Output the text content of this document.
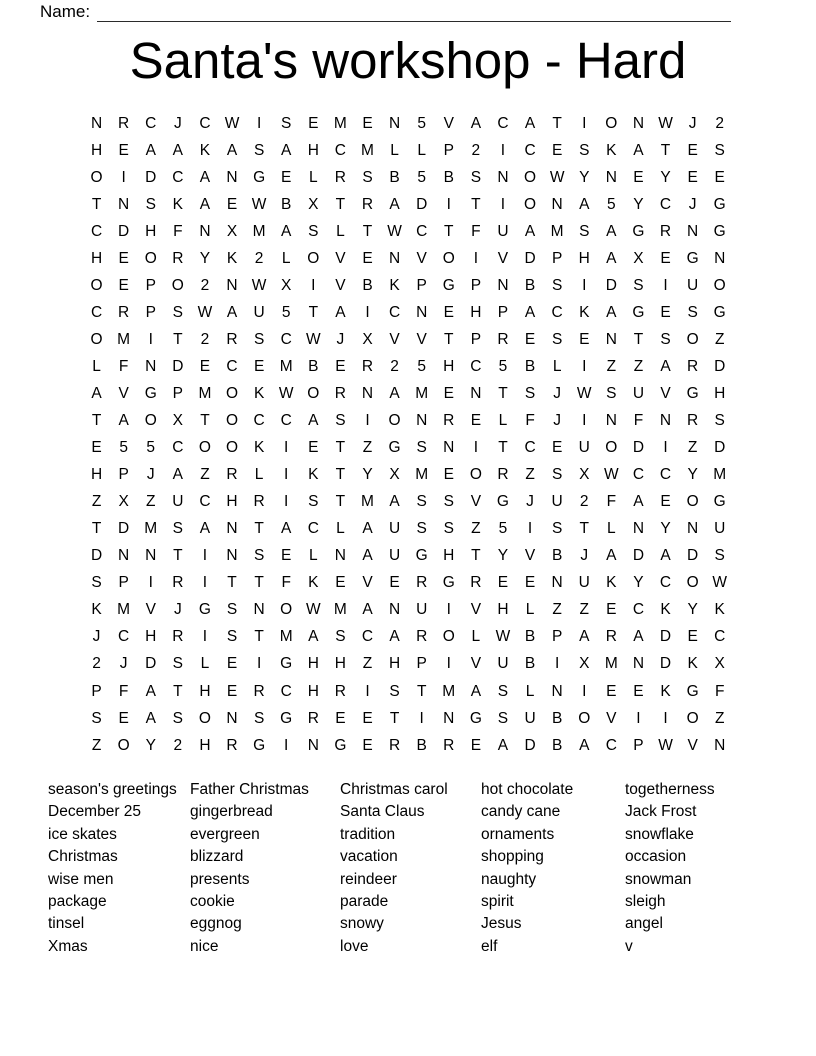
Name:
Santa's workshop - Hard
N	R	C	J	C W	I	S	E M E	N	5	V	A	C	A	T	I	O N W	J	2
H	E	A	A	K	A	S	A	H	C M	L	L	P	2	I	C	E	S	K	A	T	E	S
O	I	D	C	A	N G	E	L	R	S	B	5	B	S	N O W Y	N	E	Y	E	E
T	N	S	K	A	E W B	X	T	R	A	D	I	T	I	O N	A	5	Y	C	J	G
C	D	H	F	N	X M A	S	L	T W C	T	F	U	A M S	A	G R	N G
H	E	O R	Y	K	2	L	O	V	E	N	V	O	I	V	D	P	H	A	X	E	G N
O	E	P	O	2	N W X	I	V	B	K	P	G	P	N	B	S	I	D	S	I	U O
C	R	P	S W A	U	5	T	A	I	C	N	E	H	P	A	C	K	A	G	E	S	G
O M	I	T	2	R	S	C W	J	X	V	V	T	P	R	E	S	E	N	T	S	O	Z
L	F	N	D	E	C	E M B	E	R	2	5	H	C	5	B	L	I	Z	Z	A	R	D
A	V	G	P M O	K W O R	N	A M E	N	T	S	J	W S	U	V	G H
T	A	O	X	T	O C	C	A	S	I	O N	R	E	L	F	J	I	N	F	N	R	S
E	5	5	C O O	K	I	E	T	Z	G	S	N	I	T	C	E	U O D	I	Z	D
H	P	J	A	Z	R	L	I	K	T	Y	X M E	O R	Z	S	X W C	C	Y M
Z	X	Z	U	C	H	R	I	S	T	M A	S	S	V	G	J	U	2	F	A	E	O G
T	D M S	A	N	T	A	C	L	A	U	S	S	Z	5	I	S	T	L	N	Y	N	U
D	N	N	T	I	N	S	E	L	N	A	U G H	T	Y	V	B	J	A	D	A	D	S
S	P	I	R	I	T	T	F	K	E	V	E	R G R	E	E	N	U	K	Y	C O W
K M V	J	G	S	N O W M A	N	U	I	V	H	L	Z	Z	E	C	K	Y	K
J	C	H	R	I	S	T	M A	S	C	A	R O	L W B	P	A	R	A	D	E	C
2	J	D	S	L	E	I	G H	H	Z	H	P	I	V	U	B	I	X M N	D	K	X
P	F	A	T	H	E	R	C	H	R	I	S	T	M A	S	L	N	I	E	E	K	G	F
S	E	A	S	O N	S	G R	E	E	T	I	N G	S	U	B	O	V	I	I	O	Z
Z	O	Y	2	H	R G	I	N G	E	R	B	R	E	A	D	B	A	C	P W V	N
season's greetings
December 25
ice skates
Christmas
wise men
package
tinsel
Xmas
Father Christmas
gingerbread
evergreen
blizzard
presents
cookie
eggnog
nice
Christmas carol
Santa Claus
tradition
vacation
reindeer
parade
snowy
love
hot chocolate
candy cane
ornaments
shopping
naughty
spirit
Jesus
elf
togetherness
Jack Frost
snowflake
occasion
snowman
sleigh
angel
v
